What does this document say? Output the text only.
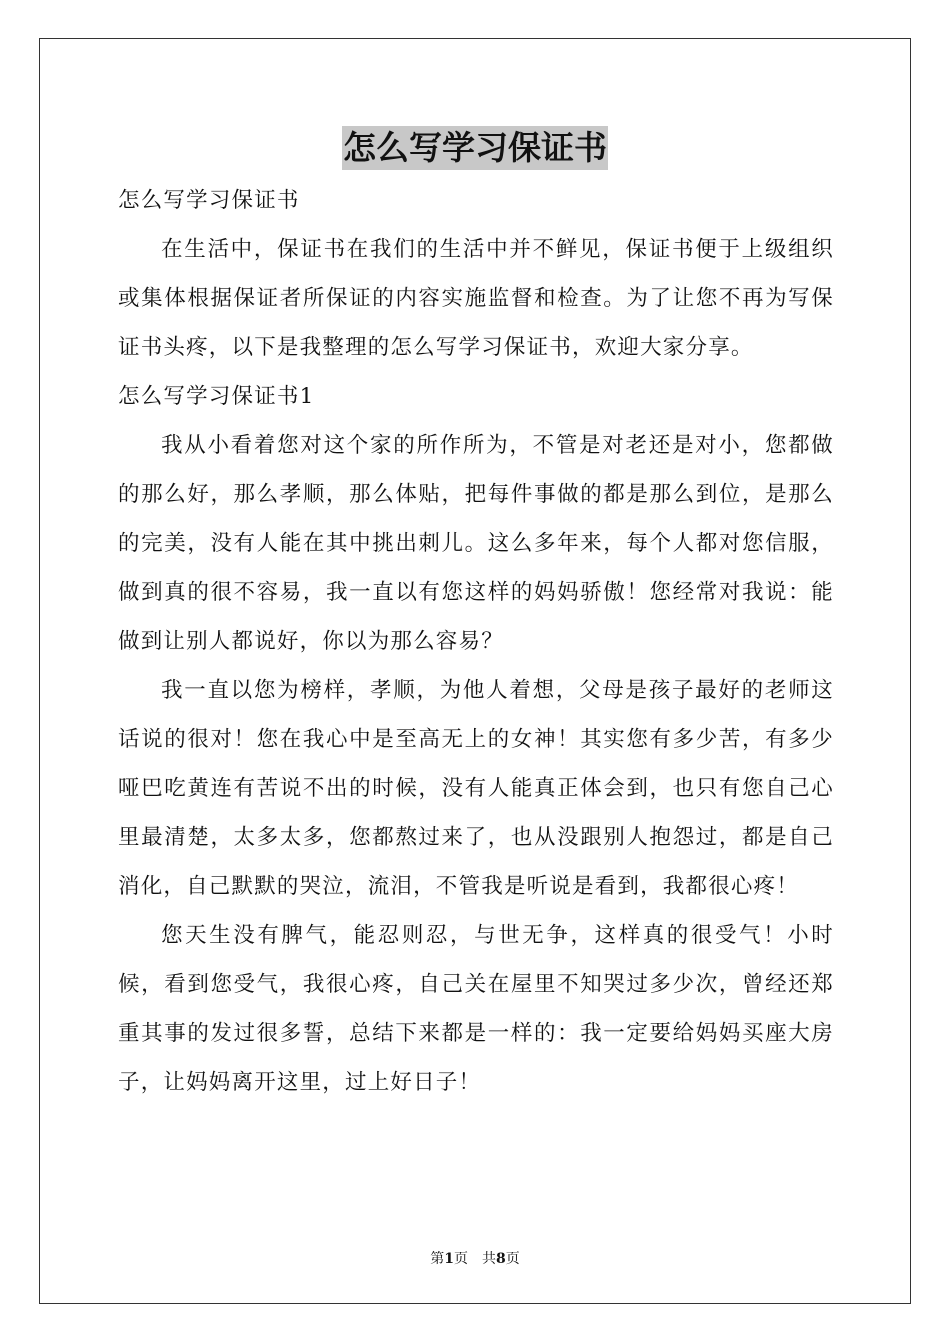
怎么写学习保证书

怎么写学习保证书

在生活中，保证书在我们的生活中并不鲜见，保证书便于上级组织或集体根据保证者所保证的内容实施监督和检查。为了让您不再为写保证书头疼，以下是我整理的怎么写学习保证书，欢迎大家分享。

怎么写学习保证书1

我从小看着您对这个家的所作所为，不管是对老还是对小，您都做的那么好，那么孝顺，那么体贴，把每件事做的都是那么到位，是那么的完美，没有人能在其中挑出刺儿。这么多年来，每个人都对您信服，做到真的很不容易，我一直以有您这样的妈妈骄傲！您经常对我说：能做到让别人都说好，你以为那么容易？

我一直以您为榜样，孝顺，为他人着想，父母是孩子最好的老师这话说的很对！您在我心中是至高无上的女神！其实您有多少苦，有多少哑巴吃黄连有苦说不出的时候，没有人能真正体会到，也只有您自己心里最清楚，太多太多，您都熬过来了，也从没跟别人抱怨过，都是自己消化，自己默默的哭泣，流泪，不管我是听说是看到，我都很心疼！

您天生没有脾气，能忍则忍，与世无争，这样真的很受气！小时候，看到您受气，我很心疼，自己关在屋里不知哭过多少次，曾经还郑重其事的发过很多誓，总结下来都是一样的：我一定要给妈妈买座大房子，让妈妈离开这里，过上好日子！

第1页　共8页
